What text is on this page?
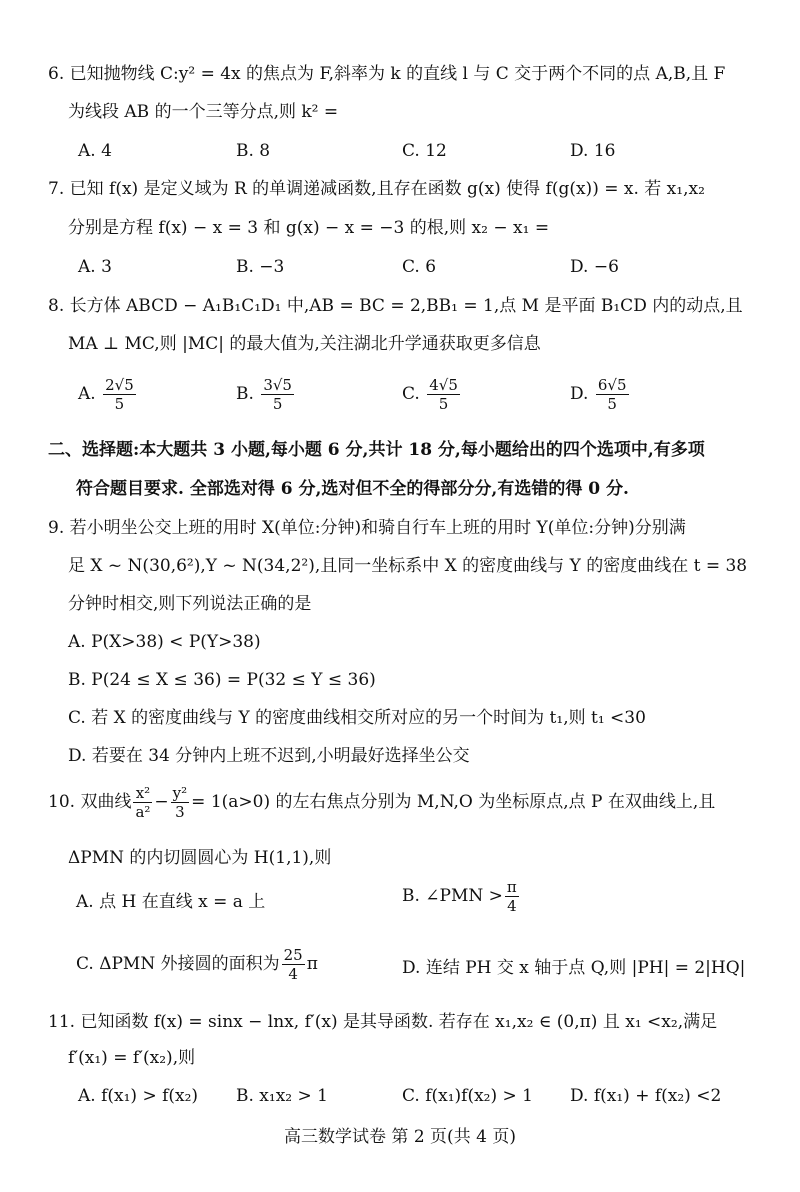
6. 已知抛物线 C:y² = 4x 的焦点为 F,斜率为 k 的直线 l 与 C 交于两个不同的点 A,B,且 F
为线段 AB 的一个三等分点,则 k² =
A. 4	B. 8	C. 12	D. 16
7. 已知 f(x) 是定义域为 R 的单调递减函数,且存在函数 g(x) 使得 f(g(x)) = x. 若 x₁,x₂
分别是方程 f(x) − x = 3 和 g(x) − x = −3 的根,则 x₂ − x₁ =
A. 3	B. −3	C. 6	D. −6
8. 长方体 ABCD − A₁B₁C₁D₁ 中,AB = BC = 2,BB₁ = 1,点 M 是平面 B₁CD 内的动点,且
MA ⊥ MC,则 |MC| 的最大值为,关注湖北升学通获取更多信息
A. $\frac{2√5}{5}$	B. $\frac{3√5}{5}$	C. $\frac{4√5}{5}$	D. $\frac{6√5}{5}$
二、选择题:本大题共 3 小题,每小题 6 分,共计 18 分,每小题给出的四个选项中,有多项
符合题目要求. 全部选对得 6 分,选对但不全的得部分分,有选错的得 0 分.
9. 若小明坐公交上班的用时 X(单位:分钟)和骑自行车上班的用时 Y(单位:分钟)分别满
足 X ~ N(30,6²),Y ~ N(34,2²),且同一坐标系中 X 的密度曲线与 Y 的密度曲线在 t = 38
分钟时相交,则下列说法正确的是
A. P(X>38) < P(Y>38)
B. P(24 ≤ X ≤ 36) = P(32 ≤ Y ≤ 36)
C. 若 X 的密度曲线与 Y 的密度曲线相交所对应的另一个时间为 t₁,则 t₁ <30
D. 若要在 34 分钟内上班不迟到,小明最好选择坐公交
10. 双曲线 $\frac{\text{x²}}{\text{a²}} - \frac{\text{y²}}{3} = 1(a>0)$ 的左右焦点分别为 M,N,O 为坐标原点,点 P 在双曲线上,且
ΔPMN 的内切圆圆心为 H(1,1),则
A. 点 H 在直线 x = a 上	B. ∠PMN > $\frac{\pi}{4}$
C. ΔPMN 外接圆的面积为 $\frac{25}{4}$ π	D. 连结 PH 交 x 轴于点 Q,则 |PH| = 2|HQ|
11. 已知函数 f(x) = sinx − lnx, f′(x) 是其导函数. 若存在 x₁,x₂ ∈ (0,π) 且 x₁ <x₂,满足
f′(x₁) = f′(x₂),则
A. f(x₁) > f(x₂) B. x₁x₂ > 1	C. f(x₁)f(x₂) > 1 D. f(x₁) + f(x₂) <2
高三数学试卷 第 2 页(共 4 页)
